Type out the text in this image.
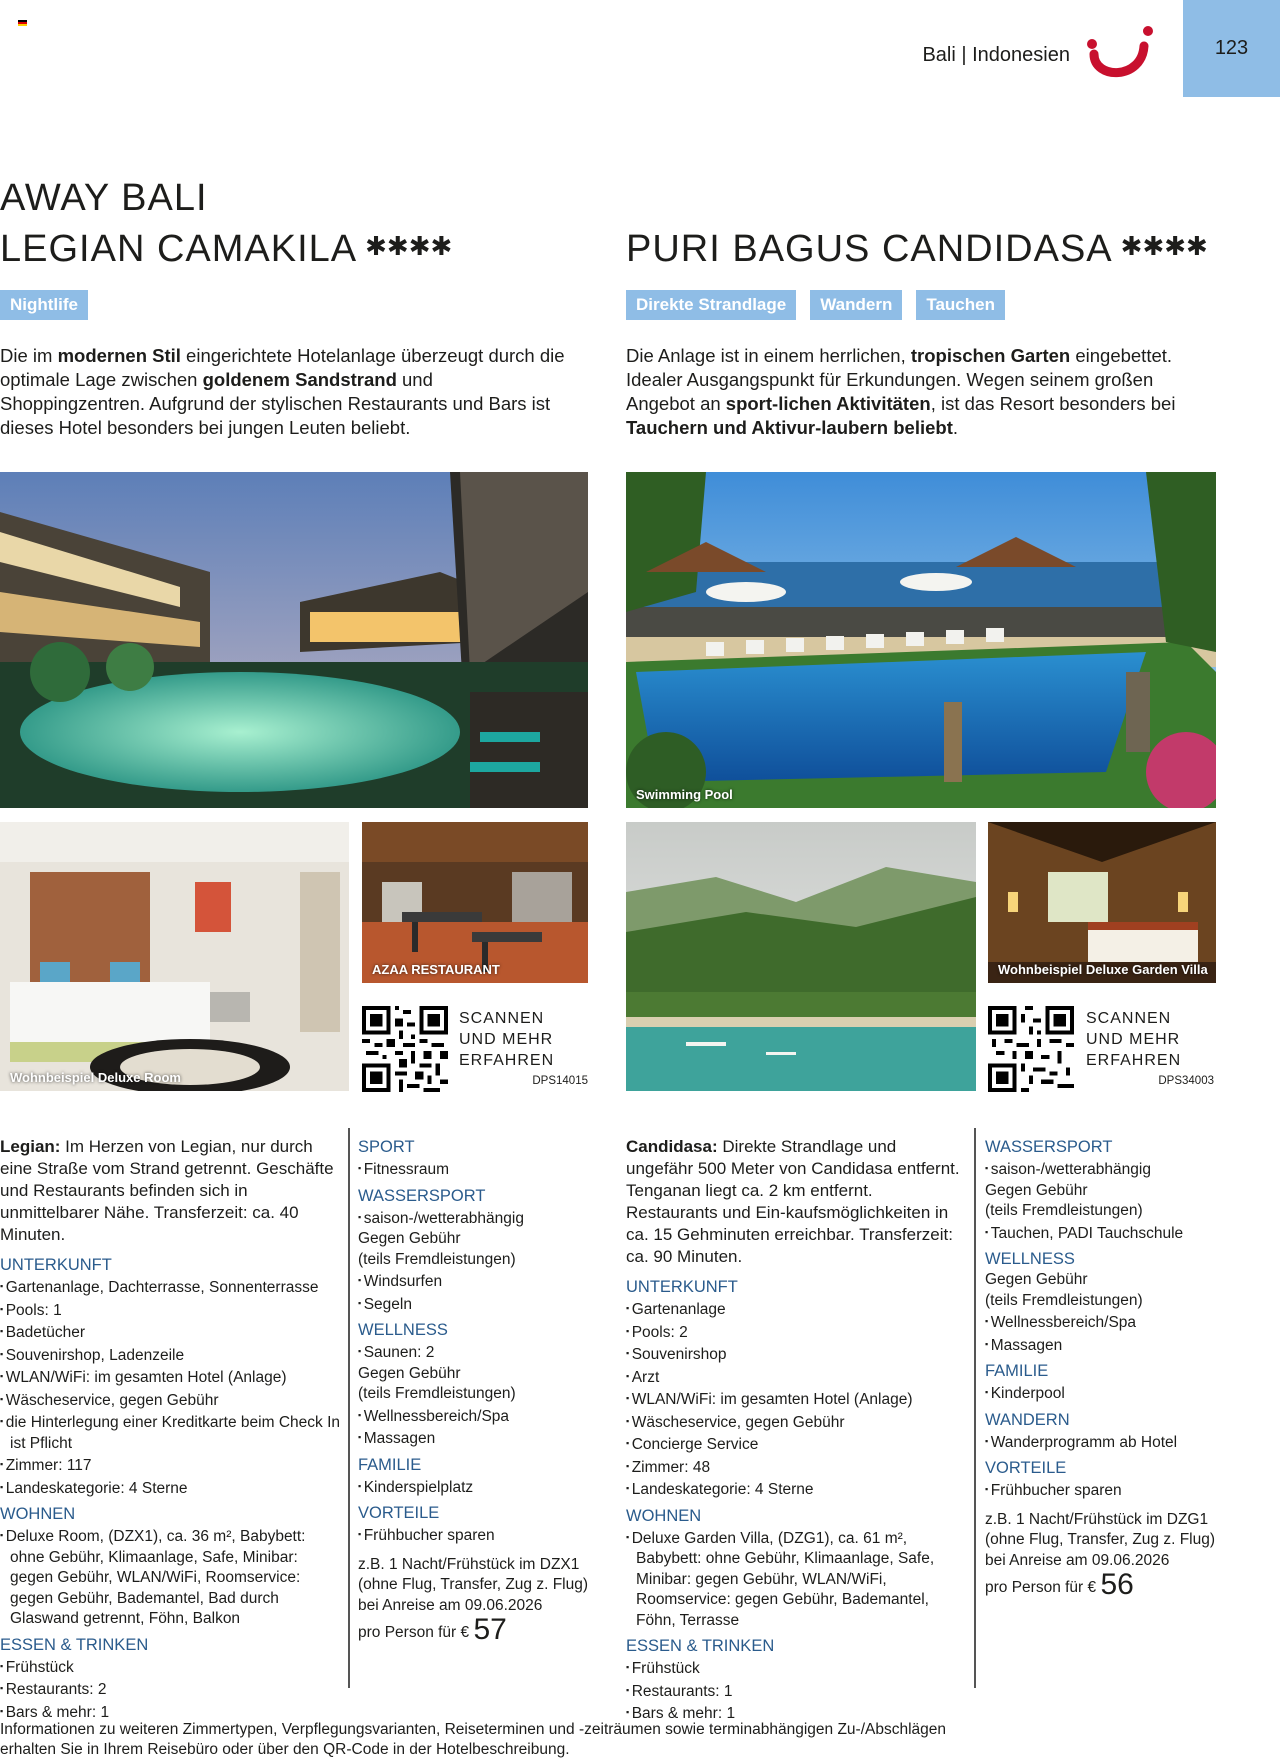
Bali | Indonesien	123
AWAY BALI
LEGIAN CAMAKILA ✱✱✱✱	PURI BAGUS CANDIDASA ✱✱✱✱
Nightlife	Direkte Strandlage	Wandern	Tauchen
Die im modernen Stil eingerichtete Hotelanlage überzeugt durch die optimale Lage zwischen goldenem Sandstrand und Shoppingzentren. Aufgrund der stylischen Restaurants und Bars ist dieses Hotel besonders bei jungen Leuten beliebt.
Die Anlage ist in einem herrlichen, tropischen Garten eingebettet. Idealer Ausgangspunkt für Erkundungen. Wegen seinem großen Angebot an sport-lichen Aktivitäten, ist das Resort besonders bei Tauchern und Aktivur-laubern beliebt.
Wohnbeispiel Deluxe Room
AZAA RESTAURANT
SCANNEN
UND MEHR
ERFAHREN
DPS14015
Swimming Pool
Wohnbeispiel Deluxe Garden Villa
SCANNEN
UND MEHR
ERFAHREN
DPS34003
Legian: Im Herzen von Legian, nur durch eine Straße vom Strand getrennt. Geschäfte und Restaurants befinden sich in unmittelbarer Nähe. Transferzeit: ca. 40 Minuten.
UNTERKUNFT
▪ Gartenanlage, Dachterrasse, Sonnenterrasse
▪ Pools: 1
▪ Badetücher
▪ Souvenirshop, Ladenzeile
▪ WLAN/WiFi: im gesamten Hotel (Anlage)
▪ Wäscheservice, gegen Gebühr
▪ die Hinterlegung einer Kreditkarte beim Check In ist Pflicht
▪ Zimmer: 117
▪ Landeskategorie: 4 Sterne
WOHNEN
▪ Deluxe Room, (DZX1), ca. 36 m², Babybett: ohne Gebühr, Klimaanlage, Safe, Minibar: gegen Gebühr, WLAN/WiFi, Roomservice: gegen Gebühr, Bademantel, Bad durch Glaswand getrennt, Föhn, Balkon
ESSEN & TRINKEN
▪ Frühstück
▪ Restaurants: 2
▪ Bars & mehr: 1
SPORT
▪ Fitnessraum
WASSERSPORT
▪ saison-/wetterabhängig
Gegen Gebühr
(teils Fremdleistungen)
▪ Windsurfen
▪ Segeln
WELLNESS
▪ Saunen: 2
Gegen Gebühr
(teils Fremdleistungen)
▪ Wellnessbereich/Spa
▪ Massagen
FAMILIE
▪ Kinderspielplatz
VORTEILE
▪ Frühbucher sparen
z.B. 1 Nacht/Frühstück im DZX1
(ohne Flug, Transfer, Zug z. Flug)
bei Anreise am 09.06.2026
pro Person für € 57
Candidasa: Direkte Strandlage und ungefähr 500 Meter von Candidasa entfernt. Tenganan liegt ca. 2 km entfernt. Restaurants und Ein-kaufsmöglichkeiten in ca. 15 Gehminuten erreichbar. Transferzeit: ca. 90 Minuten.
UNTERKUNFT
▪ Gartenanlage
▪ Pools: 2
▪ Souvenirshop
▪ Arzt
▪ WLAN/WiFi: im gesamten Hotel (Anlage)
▪ Wäscheservice, gegen Gebühr
▪ Concierge Service
▪ Zimmer: 48
▪ Landeskategorie: 4 Sterne
WOHNEN
▪ Deluxe Garden Villa, (DZG1), ca. 61 m², Babybett: ohne Gebühr, Klimaanlage, Safe, Minibar: gegen Gebühr, WLAN/WiFi, Roomservice: gegen Gebühr, Bademantel, Föhn, Terrasse
ESSEN & TRINKEN
▪ Frühstück
▪ Restaurants: 1
▪ Bars & mehr: 1
WASSERSPORT
▪ saison-/wetterabhängig
Gegen Gebühr
(teils Fremdleistungen)
▪ Tauchen, PADI Tauchschule
WELLNESS
Gegen Gebühr
(teils Fremdleistungen)
▪ Wellnessbereich/Spa
▪ Massagen
FAMILIE
▪ Kinderpool
WANDERN
▪ Wanderprogramm ab Hotel
VORTEILE
▪ Frühbucher sparen
z.B. 1 Nacht/Frühstück im DZG1
(ohne Flug, Transfer, Zug z. Flug)
bei Anreise am 09.06.2026
pro Person für € 56
Informationen zu weiteren Zimmertypen, Verpflegungsvarianten, Reiseterminen und -zeiträumen sowie terminabhängigen Zu-/Abschlägen erhalten Sie in Ihrem Reisebüro oder über den QR-Code in der Hotelbeschreibung.
